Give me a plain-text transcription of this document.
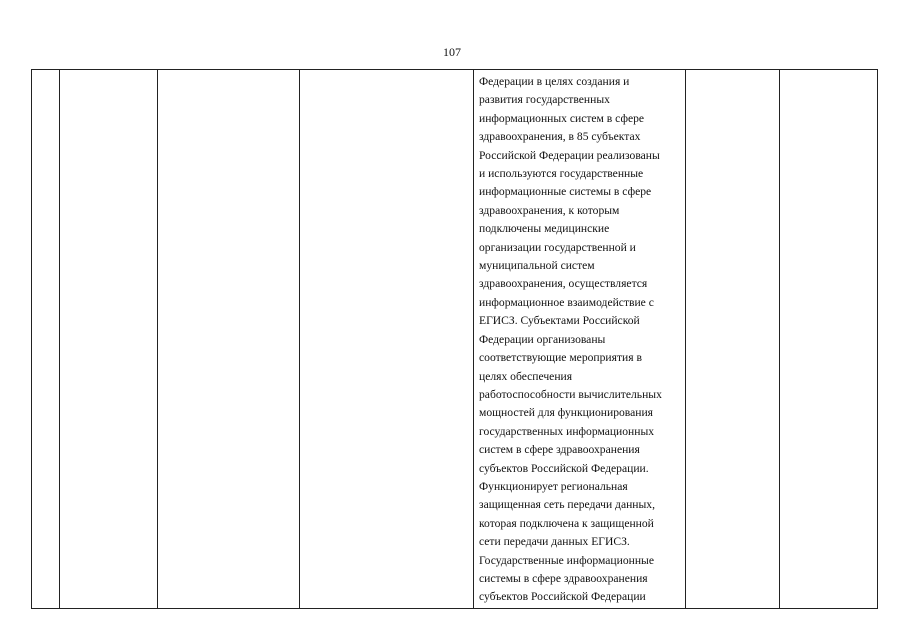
107

Федерации в целях создания и
развития государственных
информационных систем в сфере
здравоохранения, в 85 субъектах
Российской Федерации реализованы
и используются государственные
информационные системы в сфере
здравоохранения, к которым
подключены медицинские
организации государственной и
муниципальной систем
здравоохранения, осуществляется
информационное взаимодействие с
ЕГИСЗ. Субъектами Российской
Федерации организованы
соответствующие мероприятия в
целях обеспечения
работоспособности вычислительных
мощностей для функционирования
государственных информационных
систем в сфере здравоохранения
субъектов Российской Федерации.
Функционирует региональная
защищенная сеть передачи данных,
которая подключена к защищенной
сети передачи данных ЕГИСЗ.
Государственные информационные
системы в сфере здравоохранения
субъектов Российской Федерации
